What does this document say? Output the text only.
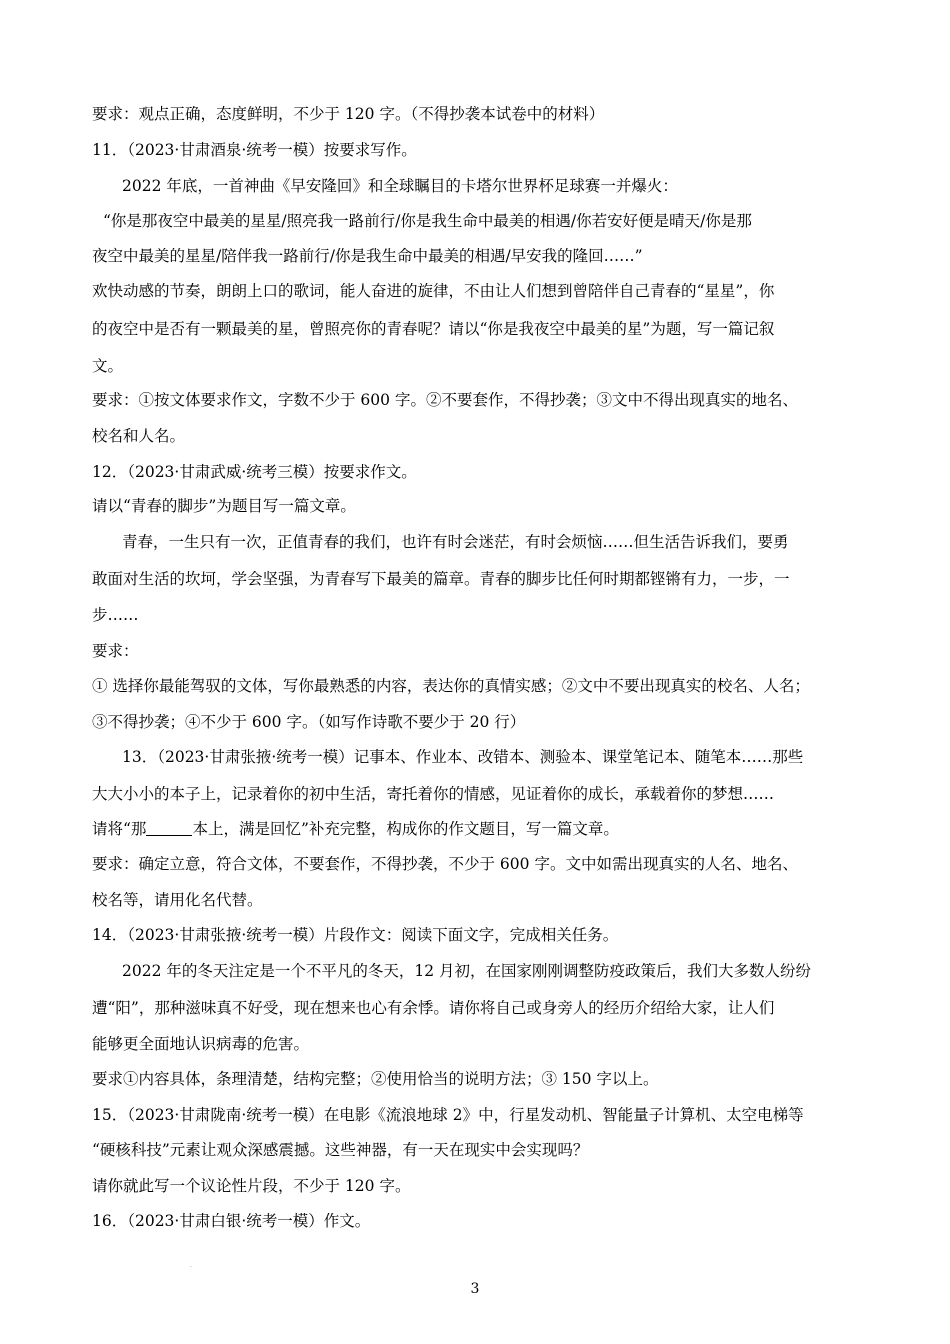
要求：观点正确，态度鲜明，不少于 120 字。（不得抄袭本试卷中的材料）
11．（2023·甘肃酒泉·统考一模）按要求写作。
2022 年底，一首神曲《早安隆回》和全球瞩目的卡塔尔世界杯足球赛一并爆火：
“你是那夜空中最美的星星/照亮我一路前行/你是我生命中最美的相遇/你若安好便是晴天/你是那
夜空中最美的星星/陪伴我一路前行/你是我生命中最美的相遇/早安我的隆回……”
欢快动感的节奏，朗朗上口的歌词，能人奋进的旋律，不由让人们想到曾陪伴自己青春的“星星”，你
的夜空中是否有一颗最美的星，曾照亮你的青春呢？请以“你是我夜空中最美的星”为题，写一篇记叙
文。
要求：①按文体要求作文，字数不少于 600 字。②不要套作，不得抄袭；③文中不得出现真实的地名、
校名和人名。
12．（2023·甘肃武威·统考三模）按要求作文。
请以“青春的脚步”为题目写一篇文章。
青春，一生只有一次，正值青春的我们，也许有时会迷茫，有时会烦恼……但生活告诉我们，要勇
敢面对生活的坎坷，学会坚强，为青春写下最美的篇章。青春的脚步比任何时期都铿锵有力，一步，一
步……
要求：
① 选择你最能驾驭的文体，写你最熟悉的内容，表达你的真情实感；②文中不要出现真实的校名、人名；
③不得抄袭；④不少于 600 字。（如写作诗歌不要少于 20 行）
13．（2023·甘肃张掖·统考一模）记事本、作业本、改错本、测验本、课堂笔记本、随笔本……那些
大大小小的本子上，记录着你的初中生活，寄托着你的情感，见证着你的成长，承载着你的梦想……
请将“那	本上，满是回忆”补充完整，构成你的作文题目，写一篇文章。
要求：确定立意，符合文体，不要套作，不得抄袭，不少于 600 字。文中如需出现真实的人名、地名、
校名等，请用化名代替。
14．（2023·甘肃张掖·统考一模）片段作文：阅读下面文字，完成相关任务。
2022 年的冬天注定是一个不平凡的冬天，12 月初，在国家刚刚调整防疫政策后，我们大多数人纷纷
遭“阳”，那种滋味真不好受，现在想来也心有余悸。请你将自己或身旁人的经历介绍给大家，让人们
能够更全面地认识病毒的危害。
要求①内容具体，条理清楚，结构完整；②使用恰当的说明方法；③ 150 字以上。
15．（2023·甘肃陇南·统考一模）在电影《流浪地球 2》中，行星发动机、智能量子计算机、太空电梯等
“硬核科技”元素让观众深感震撼。这些神器，有一天在现实中会实现吗？
请你就此写一个议论性片段，不少于 120 字。
16．（2023·甘肃白银·统考一模）作文。
·
3
